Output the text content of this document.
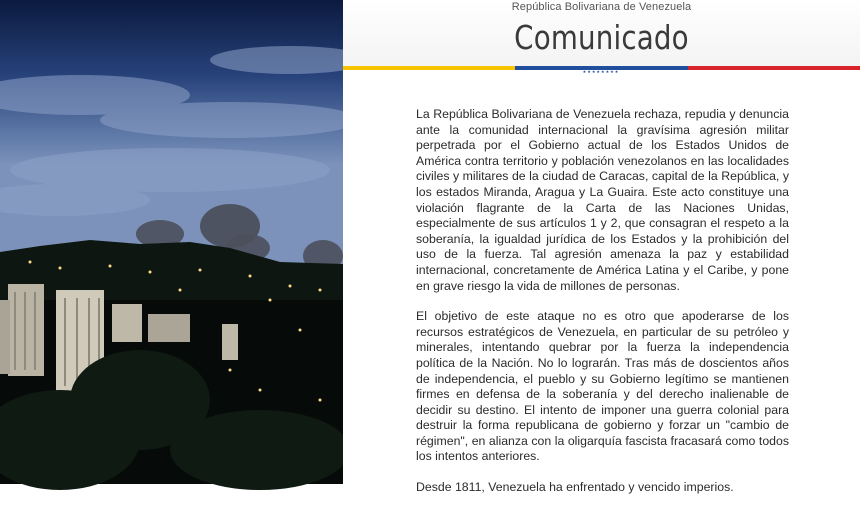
República Bolivariana de Venezuela
Comunicado
★★★★★★★★

La República Bolivariana de Venezuela rechaza, repudia y denuncia ante la comunidad internacional la gravísima agresión militar perpetrada por el Gobierno actual de los Estados Unidos de América contra territorio y población venezolanos en las localidades civiles y militares de la ciudad de Caracas, capital de la República, y los estados Miranda, Aragua y La Guaira. Este acto constituye una violación flagrante de la Carta de las Naciones Unidas, especialmente de sus artículos 1 y 2, que consagran el respeto a la soberanía, la igualdad jurídica de los Estados y la prohibición del uso de la fuerza. Tal agresión amenaza la paz y estabilidad internacional, concretamente de América Latina y el Caribe, y pone en grave riesgo la vida de millones de personas.

El objetivo de este ataque no es otro que apoderarse de los recursos estratégicos de Venezuela, en particular de su petróleo y minerales, intentando quebrar por la fuerza la independencia política de la Nación. No lo lograrán. Tras más de doscientos años de independencia, el pueblo y su Gobierno legítimo se mantienen firmes en defensa de la soberanía y del derecho inalienable de decidir su destino. El intento de imponer una guerra colonial para destruir la forma republicana de gobierno y forzar un "cambio de régimen", en alianza con la oligarquía fascista fracasará como todos los intentos anteriores.

Desde 1811, Venezuela ha enfrentado y vencido imperios.
